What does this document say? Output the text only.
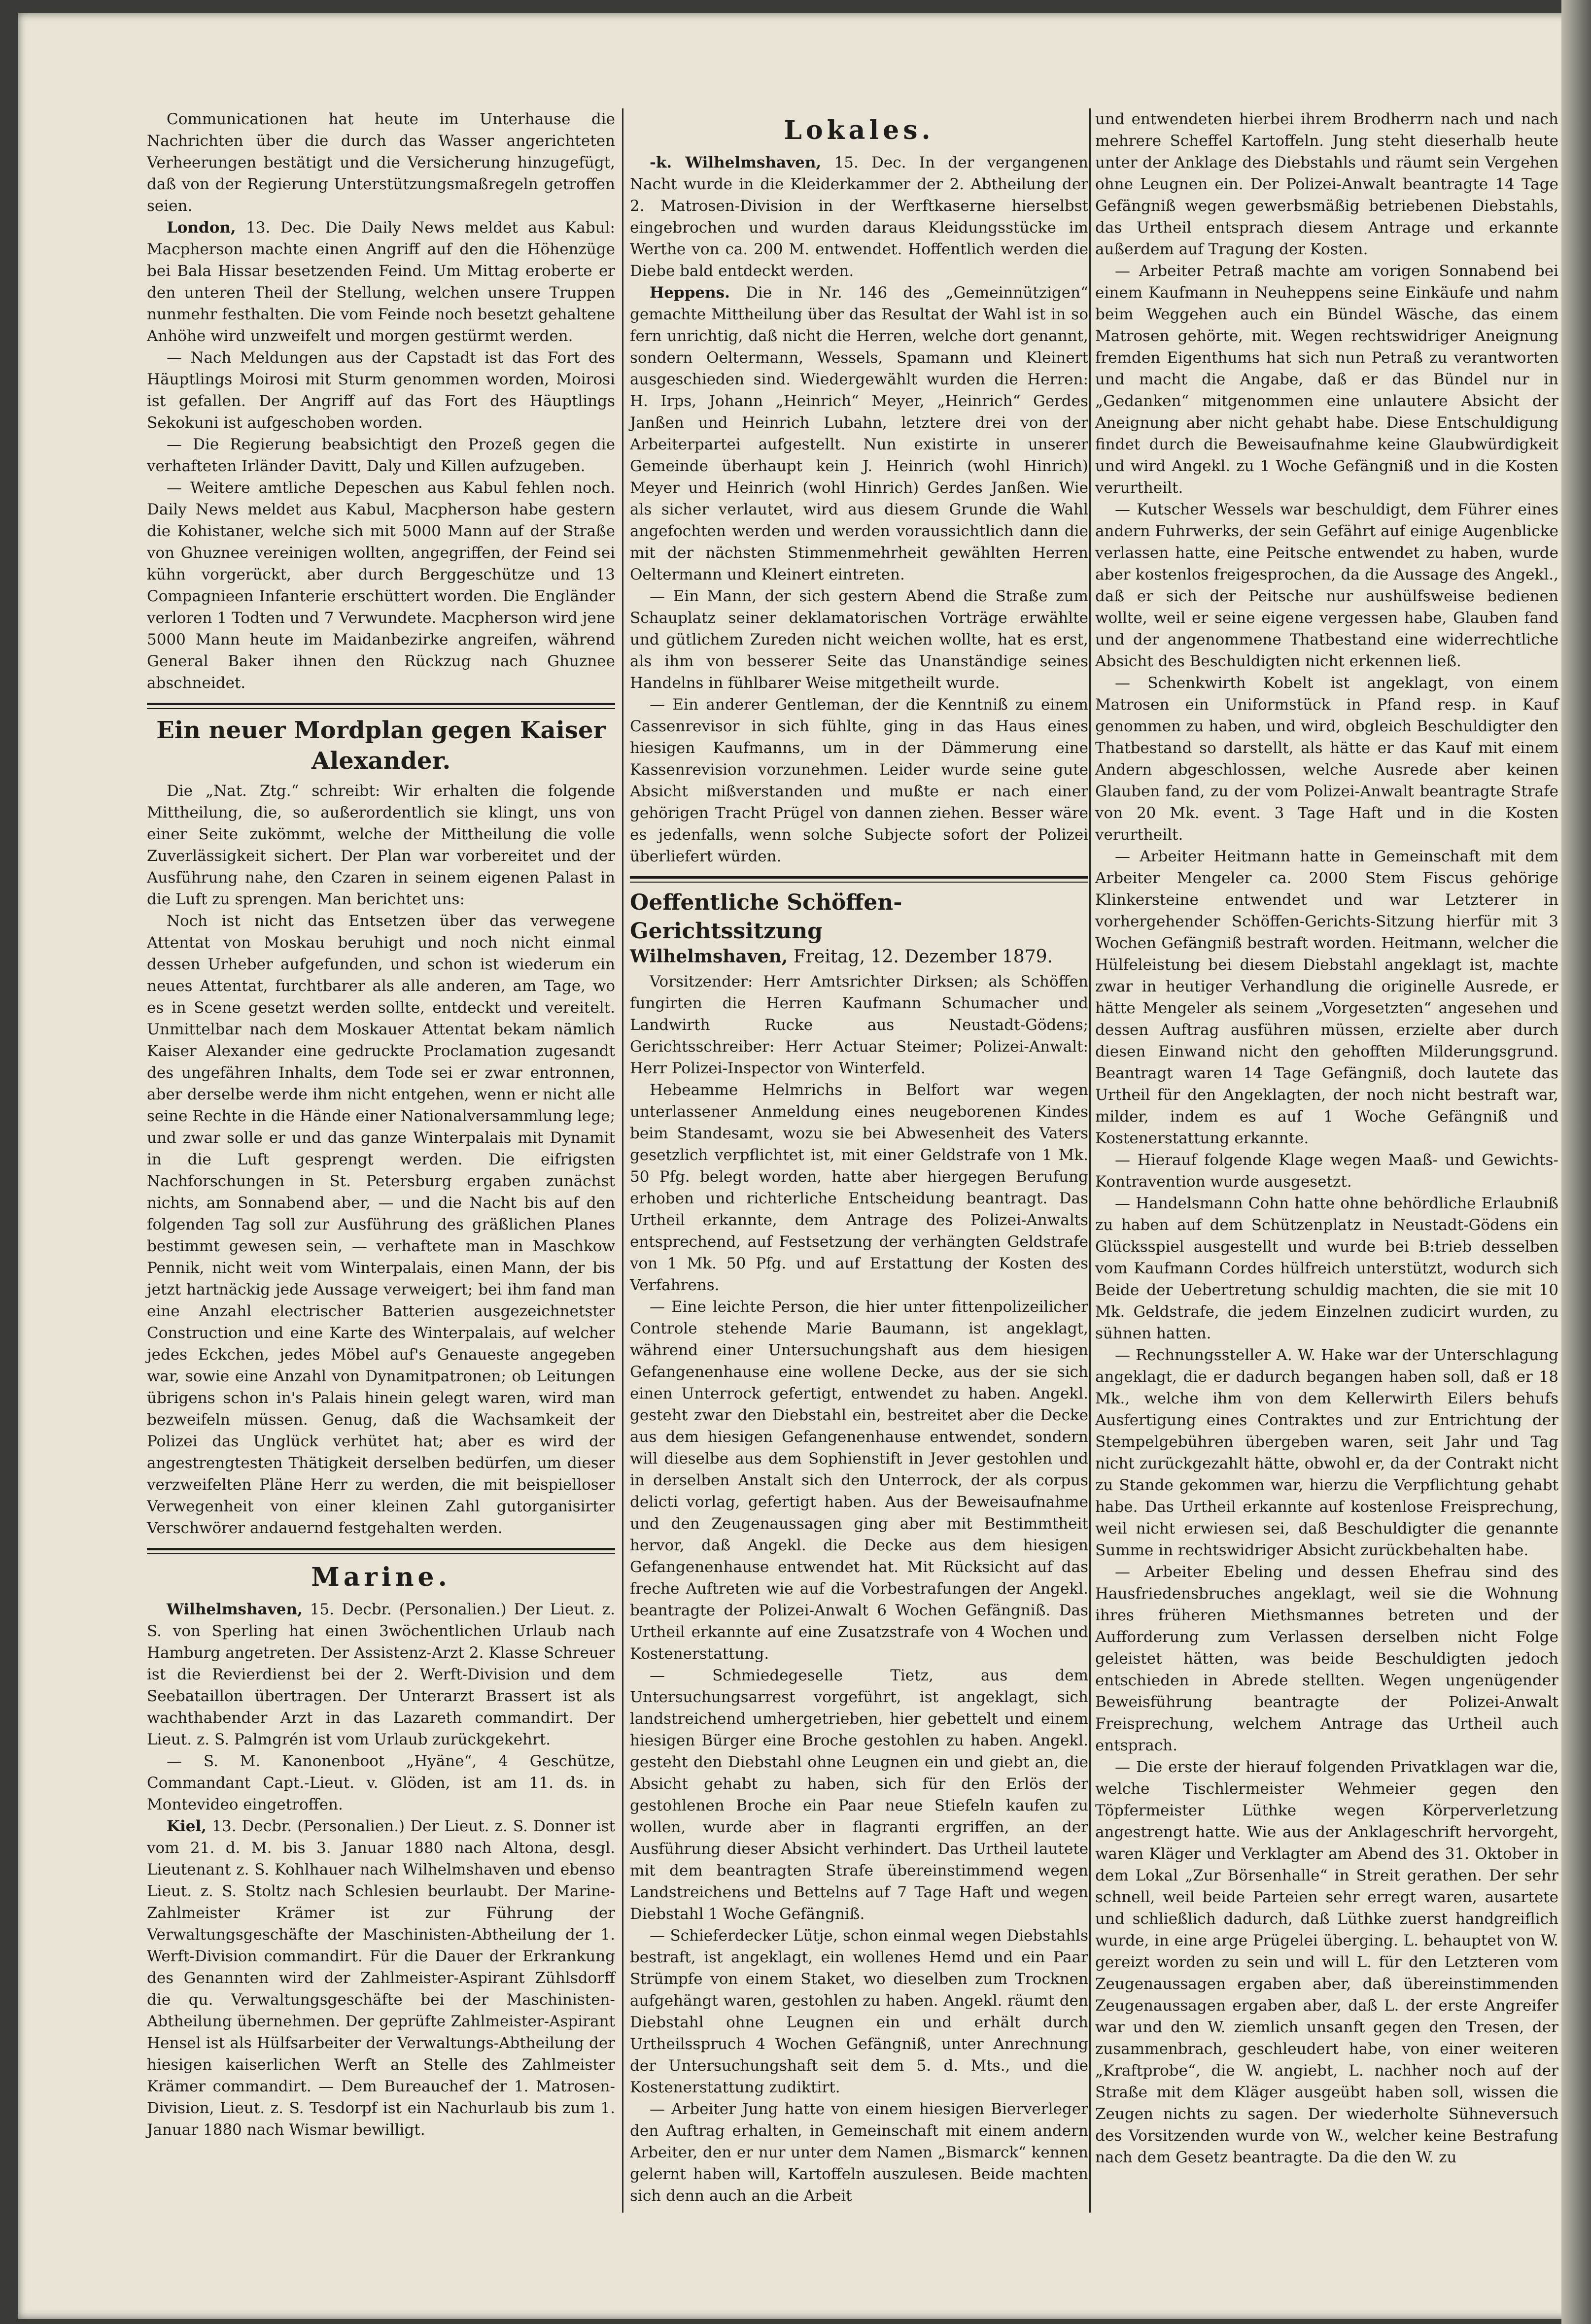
Communicationen hat heute im Unterhause die Nachrichten über die durch das Wasser angerichteten Verheerungen bestätigt und die Versicherung hinzugefügt, daß von der Regierung Unterstützungsmaßregeln getroffen seien.

London, 13. Dec. Die Daily News meldet aus Kabul: Macpherson machte einen Angriff auf den die Höhenzüge bei Bala Hissar besetzenden Feind. Um Mittag eroberte er den unteren Theil der Stellung, welchen unsere Truppen nunmehr festhalten. Die vom Feinde noch besetzt gehaltene Anhöhe wird unzweifelt und morgen gestürmt werden.

— Nach Meldungen aus der Capstadt ist das Fort des Häuptlings Moirosi mit Sturm genommen worden, Moirosi ist gefallen. Der Angriff auf das Fort des Häuptlings Sekokuni ist aufgeschoben worden.

— Die Regierung beabsichtigt den Prozeß gegen die verhafteten Irländer Davitt, Daly und Killen aufzugeben.

— Weitere amtliche Depeschen aus Kabul fehlen noch. Daily News meldet aus Kabul, Macpherson habe gestern die Kohistaner, welche sich mit 5000 Mann auf der Straße von Ghuznee vereinigen wollten, angegriffen, der Feind sei kühn vorgerückt, aber durch Berggeschütze und 13 Compagnieen Infanterie erschüttert worden. Die Engländer verloren 1 Todten und 7 Verwundete. Macpherson wird jene 5000 Mann heute im Maidanbezirke angreifen, während General Baker ihnen den Rückzug nach Ghuznee abschneidet.

Ein neuer Mordplan gegen Kaiser Alexander.

Die „Nat. Ztg.“ schreibt: Wir erhalten die folgende Mittheilung, die, so außerordentlich sie klingt, uns von einer Seite zukömmt, welche der Mittheilung die volle Zuverlässigkeit sichert. Der Plan war vorbereitet und der Ausführung nahe, den Czaren in seinem eigenen Palast in die Luft zu sprengen. Man berichtet uns:

Noch ist nicht das Entsetzen über das verwegene Attentat von Moskau beruhigt und noch nicht einmal dessen Urheber aufgefunden, und schon ist wiederum ein neues Attentat, furchtbarer als alle anderen, am Tage, wo es in Scene gesetzt werden sollte, entdeckt und vereitelt. Unmittelbar nach dem Moskauer Attentat bekam nämlich Kaiser Alexander eine gedruckte Proclamation zugesandt des ungefähren Inhalts, dem Tode sei er zwar entronnen, aber derselbe werde ihm nicht entgehen, wenn er nicht alle seine Rechte in die Hände einer Nationalversammlung lege; und zwar solle er und das ganze Winterpalais mit Dynamit in die Luft gesprengt werden. Die eifrigsten Nachforschungen in St. Petersburg ergaben zunächst nichts, am Sonnabend aber, — und die Nacht bis auf den folgenden Tag soll zur Ausführung des gräßlichen Planes bestimmt gewesen sein, — verhaftete man in Maschkow Pennik, nicht weit vom Winterpalais, einen Mann, der bis jetzt hartnäckig jede Aussage verweigert; bei ihm fand man eine Anzahl electrischer Batterien ausgezeichnetster Construction und eine Karte des Winterpalais, auf welcher jedes Eckchen, jedes Möbel auf's Genaueste angegeben war, sowie eine Anzahl von Dynamitpatronen; ob Leitungen übrigens schon in's Palais hinein gelegt waren, wird man bezweifeln müssen. Genug, daß die Wachsamkeit der Polizei das Unglück verhütet hat; aber es wird der angestrengtesten Thätigkeit derselben bedürfen, um dieser verzweifelten Pläne Herr zu werden, die mit beispielloser Verwegenheit von einer kleinen Zahl gutorganisirter Verschwörer andauernd festgehalten werden.

Marine.

Wilhelmshaven, 15. Decbr. (Personalien.) Der Lieut. z. S. von Sperling hat einen 3wöchentlichen Urlaub nach Hamburg angetreten. Der Assistenz-Arzt 2. Klasse Schreuer ist die Revierdienst bei der 2. Werft-Division und dem Seebataillon übertragen. Der Unterarzt Brassert ist als wachthabender Arzt in das Lazareth commandirt. Der Lieut. z. S. Palmgrén ist vom Urlaub zurückgekehrt.

— S. M. Kanonenboot „Hyäne“, 4 Geschütze, Commandant Capt.-Lieut. v. Glöden, ist am 11. ds. in Montevideo eingetroffen.

Kiel, 13. Decbr. (Personalien.) Der Lieut. z. S. Donner ist vom 21. d. M. bis 3. Januar 1880 nach Altona, desgl. Lieutenant z. S. Kohlhauer nach Wilhelmshaven und ebenso Lieut. z. S. Stoltz nach Schlesien beurlaubt. Der Marine-Zahlmeister Krämer ist zur Führung der Verwaltungsgeschäfte der Maschinisten-Abtheilung der 1. Werft-Division commandirt. Für die Dauer der Erkrankung des Genannten wird der Zahlmeister-Aspirant Zühlsdorff die qu. Verwaltungsgeschäfte bei der Maschinisten-Abtheilung übernehmen. Der geprüfte Zahlmeister-Aspirant Hensel ist als Hülfsarbeiter der Verwaltungs-Abtheilung der hiesigen kaiserlichen Werft an Stelle des Zahlmeister Krämer commandirt. — Dem Bureauchef der 1. Matrosen-Division, Lieut. z. S. Tesdorpf ist ein Nachurlaub bis zum 1. Januar 1880 nach Wismar bewilligt.

Lokales.

-k. Wilhelmshaven, 15. Dec. In der vergangenen Nacht wurde in die Kleiderkammer der 2. Abtheilung der 2. Matrosen-Division in der Werftkaserne hierselbst eingebrochen und wurden daraus Kleidungsstücke im Werthe von ca. 200 M. entwendet. Hoffentlich werden die Diebe bald entdeckt werden.

Heppens. Die in Nr. 146 des „Gemeinnützigen“ gemachte Mittheilung über das Resultat der Wahl ist in so fern unrichtig, daß nicht die Herren, welche dort genannt, sondern Oeltermann, Wessels, Spamann und Kleinert ausgeschieden sind. Wiedergewählt wurden die Herren: H. Irps, Johann „Heinrich“ Meyer, „Heinrich“ Gerdes Janßen und Heinrich Lubahn, letztere drei von der Arbeiterpartei aufgestellt. Nun existirte in unserer Gemeinde überhaupt kein J. Heinrich (wohl Hinrich) Meyer und Heinrich (wohl Hinrich) Gerdes Janßen. Wie als sicher verlautet, wird aus diesem Grunde die Wahl angefochten werden und werden voraussichtlich dann die mit der nächsten Stimmenmehrheit gewählten Herren Oeltermann und Kleinert eintreten.

— Ein Mann, der sich gestern Abend die Straße zum Schauplatz seiner deklamatorischen Vorträge erwählte und gütlichem Zureden nicht weichen wollte, hat es erst, als ihm von besserer Seite das Unanständige seines Handelns in fühlbarer Weise mitgetheilt wurde.

— Ein anderer Gentleman, der die Kenntniß zu einem Cassenrevisor in sich fühlte, ging in das Haus eines hiesigen Kaufmanns, um in der Dämmerung eine Kassenrevision vorzunehmen. Leider wurde seine gute Absicht mißverstanden und mußte er nach einer gehörigen Tracht Prügel von dannen ziehen. Besser wäre es jedenfalls, wenn solche Subjecte sofort der Polizei überliefert würden.

Oeffentliche Schöffen-Gerichtssitzung

Wilhelmshaven, Freitag, 12. Dezember 1879.

Vorsitzender: Herr Amtsrichter Dirksen; als Schöffen fungirten die Herren Kaufmann Schumacher und Landwirth Rucke aus Neustadt-Gödens; Gerichtsschreiber: Herr Actuar Steimer; Polizei-Anwalt: Herr Polizei-Inspector von Winterfeld.

Hebeamme Helmrichs in Belfort war wegen unterlassener Anmeldung eines neugeborenen Kindes beim Standesamt, wozu sie bei Abwesenheit des Vaters gesetzlich verpflichtet ist, mit einer Geldstrafe von 1 Mk. 50 Pfg. belegt worden, hatte aber hiergegen Berufung erhoben und richterliche Entscheidung beantragt. Das Urtheil erkannte, dem Antrage des Polizei-Anwalts entsprechend, auf Festsetzung der verhängten Geldstrafe von 1 Mk. 50 Pfg. und auf Erstattung der Kosten des Verfahrens.

— Eine leichte Person, die hier unter fittenpolizeilicher Controle stehende Marie Baumann, ist angeklagt, während einer Untersuchungshaft aus dem hiesigen Gefangenenhause eine wollene Decke, aus der sie sich einen Unterrock gefertigt, entwendet zu haben. Angekl. gesteht zwar den Diebstahl ein, bestreitet aber die Decke aus dem hiesigen Gefangenenhause entwendet, sondern will dieselbe aus dem Sophienstift in Jever gestohlen und in derselben Anstalt sich den Unterrock, der als corpus delicti vorlag, gefertigt haben. Aus der Beweisaufnahme und den Zeugenaussagen ging aber mit Bestimmtheit hervor, daß Angekl. die Decke aus dem hiesigen Gefangenenhause entwendet hat. Mit Rücksicht auf das freche Auftreten wie auf die Vorbestrafungen der Angekl. beantragte der Polizei-Anwalt 6 Wochen Gefängniß. Das Urtheil erkannte auf eine Zusatzstrafe von 4 Wochen und Kostenerstattung.

— Schmiedegeselle Tietz, aus dem Untersuchungsarrest vorgeführt, ist angeklagt, sich landstreichend umhergetrieben, hier gebettelt und einem hiesigen Bürger eine Broche gestohlen zu haben. Angekl. gesteht den Diebstahl ohne Leugnen ein und giebt an, die Absicht gehabt zu haben, sich für den Erlös der gestohlenen Broche ein Paar neue Stiefeln kaufen zu wollen, wurde aber in flagranti ergriffen, an der Ausführung dieser Absicht verhindert. Das Urtheil lautete mit dem beantragten Strafe übereinstimmend wegen Landstreichens und Bettelns auf 7 Tage Haft und wegen Diebstahl 1 Woche Gefängniß.

— Schieferdecker Lütje, schon einmal wegen Diebstahls bestraft, ist angeklagt, ein wollenes Hemd und ein Paar Strümpfe von einem Staket, wo dieselben zum Trocknen aufgehängt waren, gestohlen zu haben. Angekl. räumt den Diebstahl ohne Leugnen ein und erhält durch Urtheilsspruch 4 Wochen Gefängniß, unter Anrechnung der Untersuchungshaft seit dem 5. d. Mts., und die Kostenerstattung zudiktirt.

— Arbeiter Jung hatte von einem hiesigen Bierverleger den Auftrag erhalten, in Gemeinschaft mit einem andern Arbeiter, den er nur unter dem Namen „Bismarck“ kennen gelernt haben will, Kartoffeln auszulesen. Beide machten sich denn auch an die Arbeit

und entwendeten hierbei ihrem Brodherrn nach und nach mehrere Scheffel Kartoffeln. Jung steht dieserhalb heute unter der Anklage des Diebstahls und räumt sein Vergehen ohne Leugnen ein. Der Polizei-Anwalt beantragte 14 Tage Gefängniß wegen gewerbsmäßig betriebenen Diebstahls, das Urtheil entsprach diesem Antrage und erkannte außerdem auf Tragung der Kosten.

— Arbeiter Petraß machte am vorigen Sonnabend bei einem Kaufmann in Neuheppens seine Einkäufe und nahm beim Weggehen auch ein Bündel Wäsche, das einem Matrosen gehörte, mit. Wegen rechtswidriger Aneignung fremden Eigenthums hat sich nun Petraß zu verantworten und macht die Angabe, daß er das Bündel nur in „Gedanken“ mitgenommen eine unlautere Absicht der Aneignung aber nicht gehabt habe. Diese Entschuldigung findet durch die Beweisaufnahme keine Glaubwürdigkeit und wird Angekl. zu 1 Woche Gefängniß und in die Kosten verurtheilt.

— Kutscher Wessels war beschuldigt, dem Führer eines andern Fuhrwerks, der sein Gefährt auf einige Augenblicke verlassen hatte, eine Peitsche entwendet zu haben, wurde aber kostenlos freigesprochen, da die Aussage des Angekl., daß er sich der Peitsche nur aushülfsweise bedienen wollte, weil er seine eigene vergessen habe, Glauben fand und der angenommene Thatbestand eine widerrechtliche Absicht des Beschuldigten nicht erkennen ließ.

— Schenkwirth Kobelt ist angeklagt, von einem Matrosen ein Uniformstück in Pfand resp. in Kauf genommen zu haben, und wird, obgleich Beschuldigter den Thatbestand so darstellt, als hätte er das Kauf mit einem Andern abgeschlossen, welche Ausrede aber keinen Glauben fand, zu der vom Polizei-Anwalt beantragte Strafe von 20 Mk. event. 3 Tage Haft und in die Kosten verurtheilt.

— Arbeiter Heitmann hatte in Gemeinschaft mit dem Arbeiter Mengeler ca. 2000 Stem Fiscus gehörige Klinkersteine entwendet und war Letzterer in vorhergehender Schöffen-Gerichts-Sitzung hierfür mit 3 Wochen Gefängniß bestraft worden. Heitmann, welcher die Hülfeleistung bei diesem Diebstahl angeklagt ist, machte zwar in heutiger Verhandlung die originelle Ausrede, er hätte Mengeler als seinem „Vorgesetzten“ angesehen und dessen Auftrag ausführen müssen, erzielte aber durch diesen Einwand nicht den gehofften Milderungsgrund. Beantragt waren 14 Tage Gefängniß, doch lautete das Urtheil für den Angeklagten, der noch nicht bestraft war, milder, indem es auf 1 Woche Gefängniß und Kostenerstattung erkannte.

— Hierauf folgende Klage wegen Maaß- und Gewichts-Kontravention wurde ausgesetzt.

— Handelsmann Cohn hatte ohne behördliche Erlaubniß zu haben auf dem Schützenplatz in Neustadt-Gödens ein Glücksspiel ausgestellt und wurde bei B:trieb desselben vom Kaufmann Cordes hülfreich unterstützt, wodurch sich Beide der Uebertretung schuldig machten, die sie mit 10 Mk. Geldstrafe, die jedem Einzelnen zudicirt wurden, zu sühnen hatten.

— Rechnungssteller A. W. Hake war der Unterschlagung angeklagt, die er dadurch begangen haben soll, daß er 18 Mk., welche ihm von dem Kellerwirth Eilers behufs Ausfertigung eines Contraktes und zur Entrichtung der Stempelgebühren übergeben waren, seit Jahr und Tag nicht zurückgezahlt hätte, obwohl er, da der Contrakt nicht zu Stande gekommen war, hierzu die Verpflichtung gehabt habe. Das Urtheil erkannte auf kostenlose Freisprechung, weil nicht erwiesen sei, daß Beschuldigter die genannte Summe in rechtswidriger Absicht zurückbehalten habe.

— Arbeiter Ebeling und dessen Ehefrau sind des Hausfriedensbruches angeklagt, weil sie die Wohnung ihres früheren Miethsmannes betreten und der Aufforderung zum Verlassen derselben nicht Folge geleistet hätten, was beide Beschuldigten jedoch entschieden in Abrede stellten. Wegen ungenügender Beweisführung beantragte der Polizei-Anwalt Freisprechung, welchem Antrage das Urtheil auch entsprach.

— Die erste der hierauf folgenden Privatklagen war die, welche Tischlermeister Wehmeier gegen den Töpfermeister Lüthke wegen Körperverletzung angestrengt hatte. Wie aus der Anklageschrift hervorgeht, waren Kläger und Verklagter am Abend des 31. Oktober in dem Lokal „Zur Börsenhalle“ in Streit gerathen. Der sehr schnell, weil beide Parteien sehr erregt waren, ausartete und schließlich dadurch, daß Lüthke zuerst handgreiflich wurde, in eine arge Prügelei überging. L. behauptet von W. gereizt worden zu sein und will L. für den Letzteren vom Zeugenaussagen ergaben aber, daß übereinstimmenden Zeugenaussagen ergaben aber, daß L. der erste Angreifer war und den W. ziemlich unsanft gegen den Tresen, der zusammenbrach, geschleudert habe, von einer weiteren „Kraftprobe“, die W. angiebt, L. nachher noch auf der Straße mit dem Kläger ausgeübt haben soll, wissen die Zeugen nichts zu sagen. Der wiederholte Sühneversuch des Vorsitzenden wurde von W., welcher keine Bestrafung nach dem Gesetz beantragte. Da die den W. zu
